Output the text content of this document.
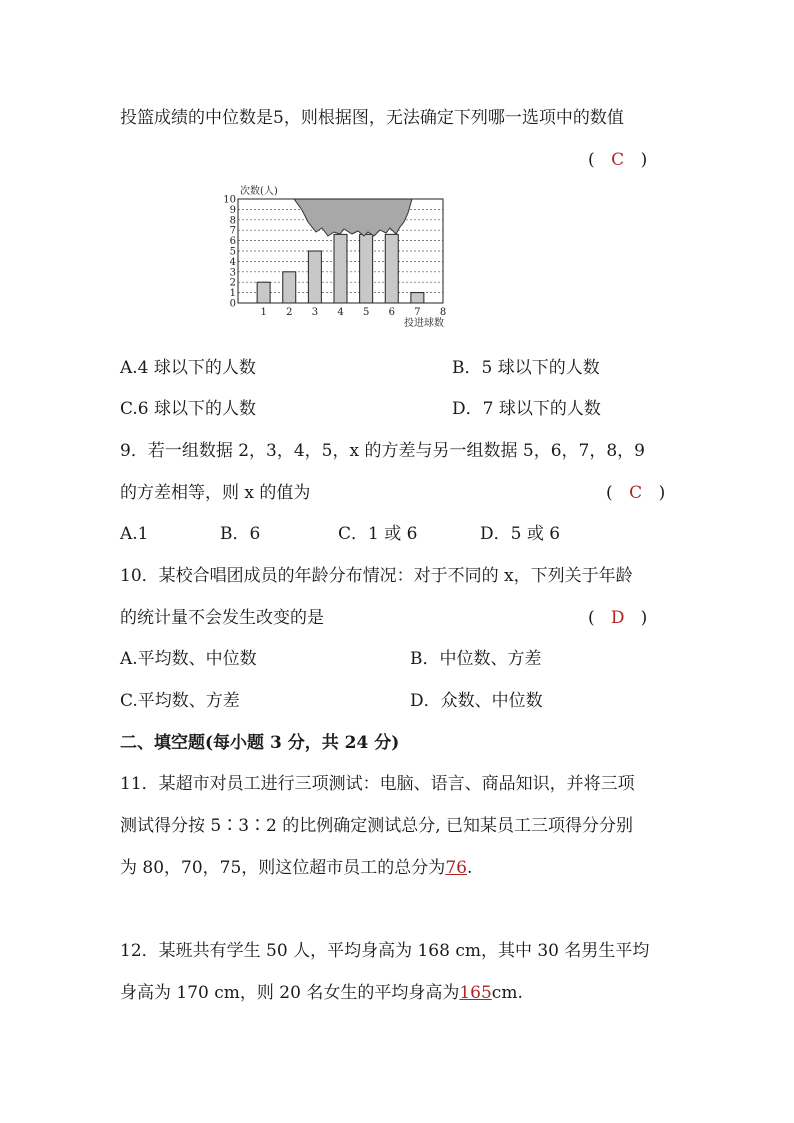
投篮成绩的中位数是5，则根据图，无法确定下列哪一选项中的数值
( C )
次数(人)
投进球数
0
1
2
3
4
5
6
7
8
9
10
1 2 3 4 5 6 7 8
A.4 球以下的人数	B．5 球以下的人数
C.6 球以下的人数	D．7 球以下的人数
9．若一组数据 2，3，4，5，x 的方差与另一组数据 5，6，7，8，9
的方差相等，则 x 的值为	( C )
A.1	B．6	C．1 或 6	D．5 或 6
10．某校合唱团成员的年龄分布情况：对于不同的 x，下列关于年龄
的统计量不会发生改变的是	( D )
A.平均数、中位数	B．中位数、方差
C.平均数、方差	D．众数、中位数
二、填空题(每小题 3 分，共 24 分)
11．某超市对员工进行三项测试：电脑、语言、商品知识，并将三项
测试得分按 5∶3∶2 的比例确定测试总分, 已知某员工三项得分分别
为 80，70，75，则这位超市员工的总分为76.
12．某班共有学生 50 人，平均身高为 168 cm，其中 30 名男生平均
身高为 170 cm，则 20 名女生的平均身高为165cm.
